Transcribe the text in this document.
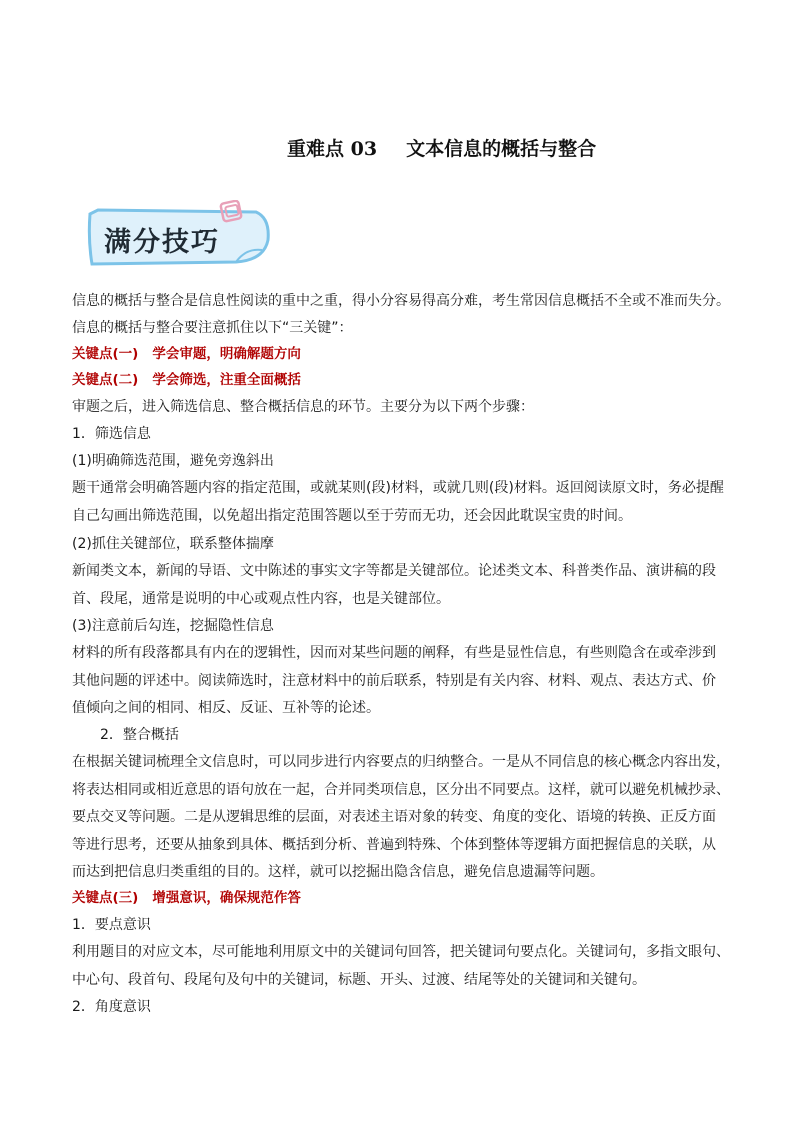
重难点 03	文本信息的概括与整合
满分技巧
信息的概括与整合是信息性阅读的重中之重，得小分容易得高分难，考生常因信息概括不全或不准而失分。
信息的概括与整合要注意抓住以下“三关键”：
关键点(一) 学会审题，明确解题方向
关键点(二) 学会筛选，注重全面概括
审题之后，进入筛选信息、整合概括信息的环节。主要分为以下两个步骤：
1．筛选信息
(1)明确筛选范围，避免旁逸斜出
题干通常会明确答题内容的指定范围，或就某则(段)材料，或就几则(段)材料。返回阅读原文时，务必提醒
自己勾画出筛选范围，以免超出指定范围答题以至于劳而无功，还会因此耽误宝贵的时间。
(2)抓住关键部位，联系整体揣摩
新闻类文本，新闻的导语、文中陈述的事实文字等都是关键部位。论述类文本、科普类作品、演讲稿的段
首、段尾，通常是说明的中心或观点性内容，也是关键部位。
(3)注意前后勾连，挖掘隐性信息
材料的所有段落都具有内在的逻辑性，因而对某些问题的阐释，有些是显性信息，有些则隐含在或牵涉到
其他问题的评述中。阅读筛选时，注意材料中的前后联系，特别是有关内容、材料、观点、表达方式、价
值倾向之间的相同、相反、反证、互补等的论述。
2．整合概括
在根据关键词梳理全文信息时，可以同步进行内容要点的归纳整合。一是从不同信息的核心概念内容出发，
将表达相同或相近意思的语句放在一起，合并同类项信息，区分出不同要点。这样，就可以避免机械抄录、
要点交叉等问题。二是从逻辑思维的层面，对表述主语对象的转变、角度的变化、语境的转换、正反方面
等进行思考，还要从抽象到具体、概括到分析、普遍到特殊、个体到整体等逻辑方面把握信息的关联，从
而达到把信息归类重组的目的。这样，就可以挖掘出隐含信息，避免信息遗漏等问题。
关键点(三) 增强意识，确保规范作答
1．要点意识
利用题目的对应文本，尽可能地利用原文中的关键词句回答，把关键词句要点化。关键词句，多指文眼句、
中心句、段首句、段尾句及句中的关键词，标题、开头、过渡、结尾等处的关键词和关键句。
2．角度意识
